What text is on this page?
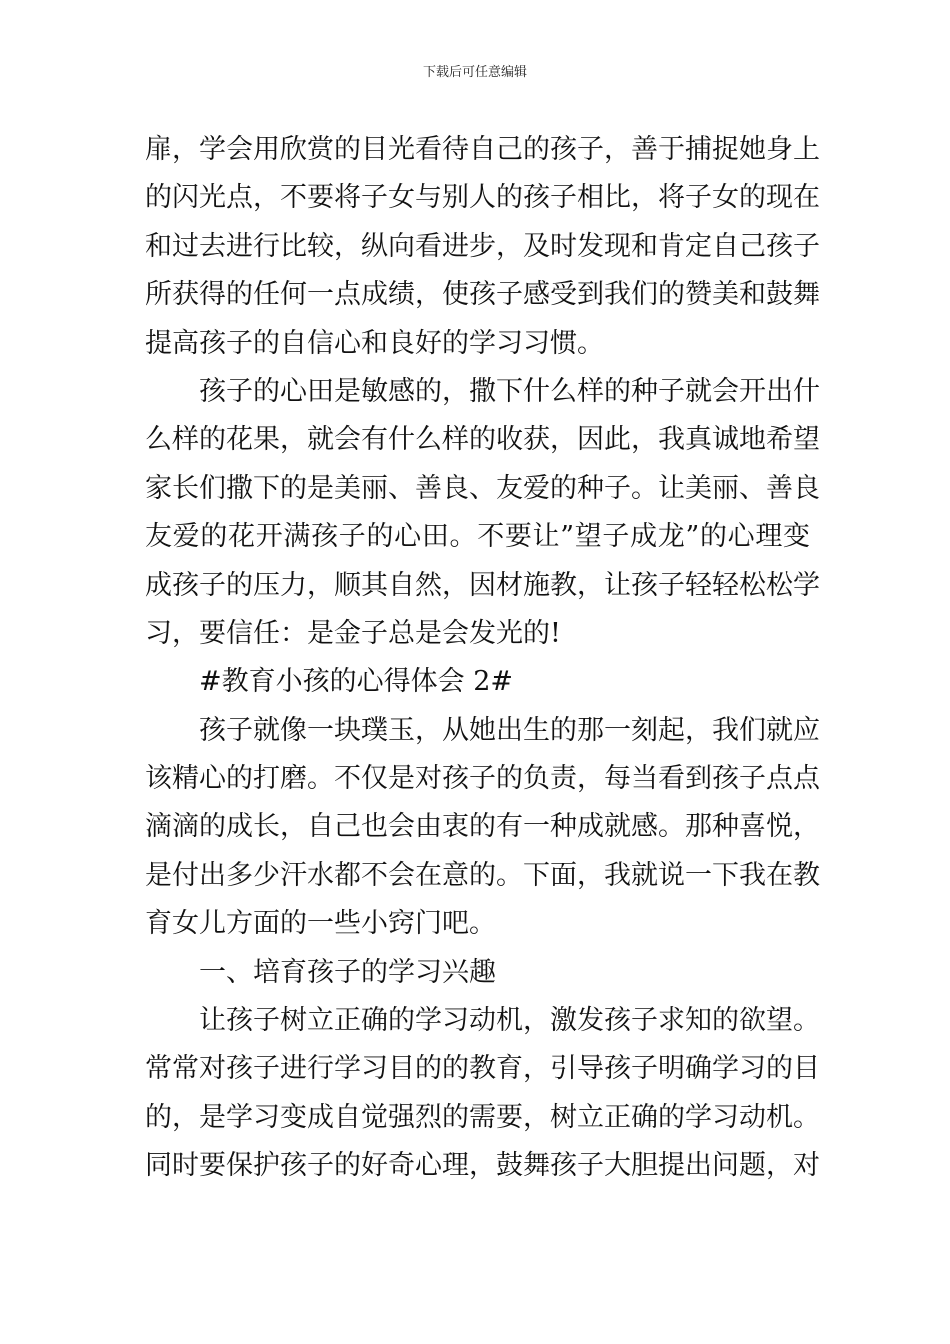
下载后可任意编辑
扉，学会用欣赏的目光看待自己的孩子，善于捕捉她身上
的闪光点，不要将子女与别人的孩子相比，将子女的现在
和过去进行比较，纵向看进步，及时发现和肯定自己孩子
所获得的任何一点成绩，使孩子感受到我们的赞美和鼓舞
提高孩子的自信心和良好的学习习惯。
孩子的心田是敏感的，撒下什么样的种子就会开出什
么样的花果，就会有什么样的收获，因此，我真诚地希望
家长们撒下的是美丽、善良、友爱的种子。让美丽、善良
友爱的花开满孩子的心田。不要让”望子成龙”的心理变
成孩子的压力，顺其自然，因材施教，让孩子轻轻松松学
习，要信任：是金子总是会发光的!
#教育小孩的心得体会 2#
孩子就像一块璞玉，从她出生的那一刻起，我们就应
该精心的打磨。不仅是对孩子的负责，每当看到孩子点点
滴滴的成长，自己也会由衷的有一种成就感。那种喜悦，
是付出多少汗水都不会在意的。下面，我就说一下我在教
育女儿方面的一些小窍门吧。
一、培育孩子的学习兴趣
让孩子树立正确的学习动机，激发孩子求知的欲望。
常常对孩子进行学习目的的教育，引导孩子明确学习的目
的，是学习变成自觉强烈的需要，树立正确的学习动机。
同时要保护孩子的好奇心理，鼓舞孩子大胆提出问题，对
